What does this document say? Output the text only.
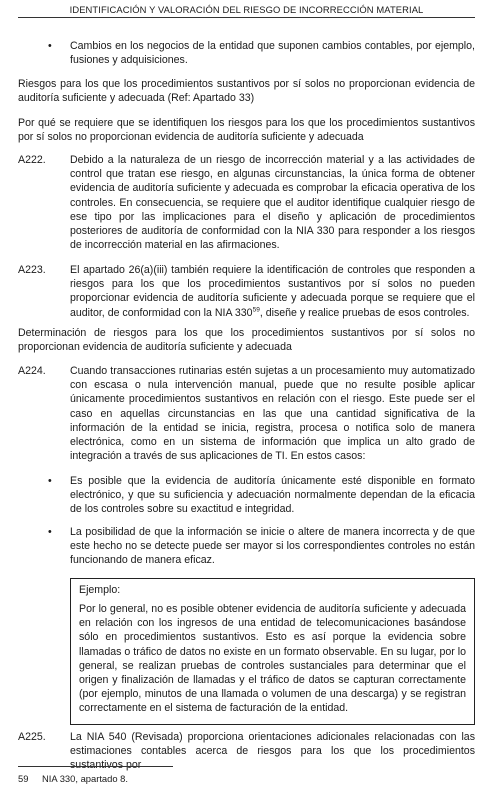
IDENTIFICACIÓN Y VALORACIÓN DEL RIESGO DE INCORRECCIÓN MATERIAL
• Cambios en los negocios de la entidad que suponen cambios contables, por ejemplo, fusiones y adquisiciones.
Riesgos para los que los procedimientos sustantivos por sí solos no proporcionan evidencia de auditoría suficiente y adecuada (Ref: Apartado 33)
Por qué se requiere que se identifiquen los riesgos para los que los procedimientos sustantivos por sí solos no proporcionan evidencia de auditoría suficiente y adecuada
A222.	Debido a la naturaleza de un riesgo de incorrección material y a las actividades de control que tratan ese riesgo, en algunas circunstancias, la única forma de obtener evidencia de auditoría suficiente y adecuada es comprobar la eficacia operativa de los controles. En consecuencia, se requiere que el auditor identifique cualquier riesgo de ese tipo por las implicaciones para el diseño y aplicación de procedimientos posteriores de auditoría de conformidad con la NIA 330 para responder a los riesgos de incorrección material en las afirmaciones.
A223.	El apartado 26(a)(iii) también requiere la identificación de controles que responden a riesgos para los que los procedimientos sustantivos por sí solos no pueden proporcionar evidencia de auditoría suficiente y adecuada porque se requiere que el auditor, de conformidad con la NIA $330^{59}$, diseñe y realice pruebas de esos controles.
Determinación de riesgos para los que los procedimientos sustantivos por sí solos no proporcionan evidencia de auditoría suficiente y adecuada
A224.	Cuando transacciones rutinarias estén sujetas a un procesamiento muy automatizado con escasa o nula intervención manual, puede que no resulte posible aplicar únicamente procedimientos sustantivos en relación con el riesgo. Este puede ser el caso en aquellas circunstancias en las que una cantidad significativa de la información de la entidad se inicia, registra, procesa o notifica solo de manera electrónica, como en un sistema de información que implica un alto grado de integración a través de sus aplicaciones de TI. En estos casos:
• Es posible que la evidencia de auditoría únicamente esté disponible en formato electrónico, y que su suficiencia y adecuación normalmente dependan de la eficacia de los controles sobre su exactitud e integridad.
• La posibilidad de que la información se inicie o altere de manera incorrecta y de que este hecho no se detecte puede ser mayor si los correspondientes controles no están funcionando de manera eficaz.
Ejemplo:
Por lo general, no es posible obtener evidencia de auditoría suficiente y adecuada en relación con los ingresos de una entidad de telecomunicaciones basándose sólo en procedimientos sustantivos. Esto es así porque la evidencia sobre llamadas o tráfico de datos no existe en un formato observable. En su lugar, por lo general, se realizan pruebas de controles sustanciales para determinar que el origen y finalización de llamadas y el tráfico de datos se capturan correctamente (por ejemplo, minutos de una llamada o volumen de una descarga) y se registran correctamente en el sistema de facturación de la entidad.
A225.	La NIA 540 (Revisada) proporciona orientaciones adicionales relacionadas con las estimaciones contables acerca de riesgos para los que los procedimientos
59 NIA 330, apartado 8.
